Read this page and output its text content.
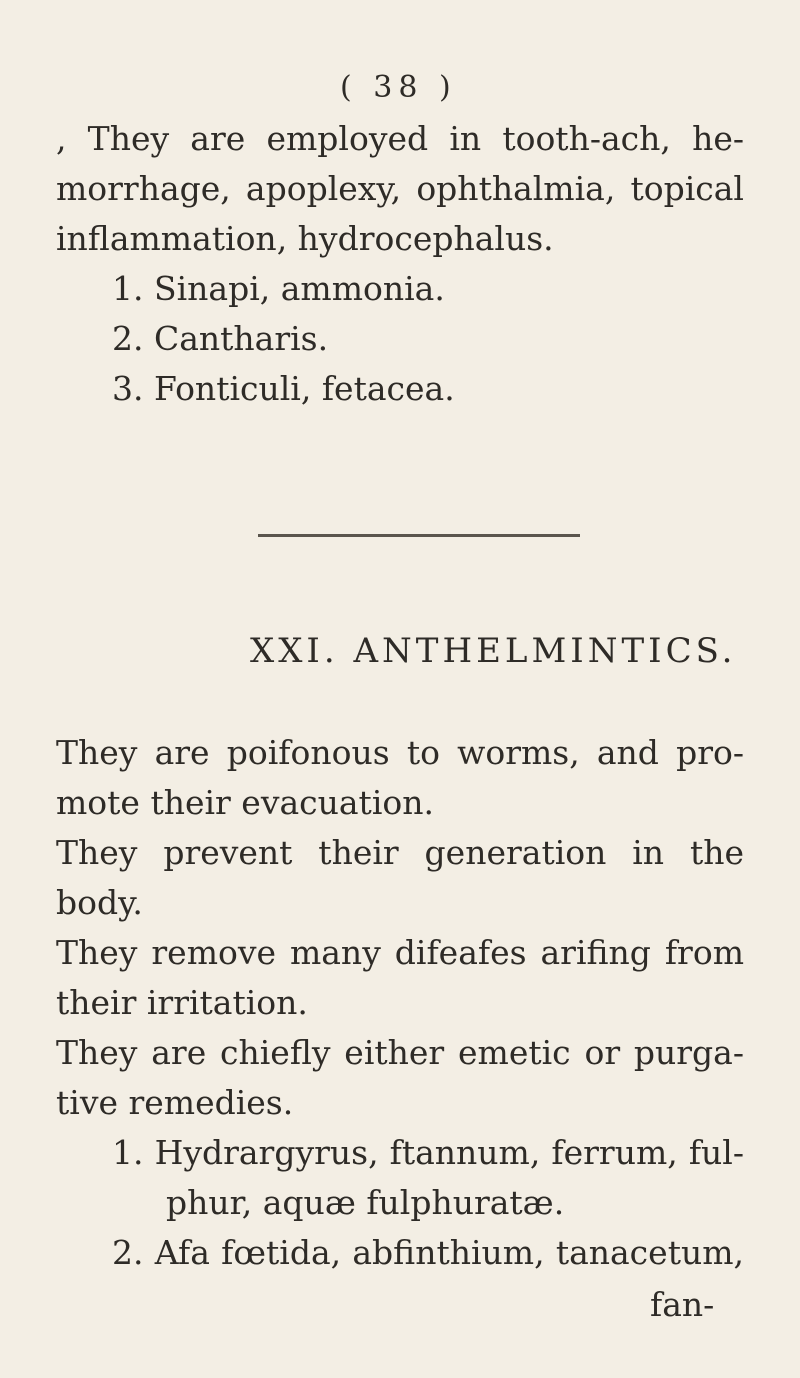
( 38 )
, They are employed in tooth-ach, he-
morrhage, apoplexy, ophthalmia, topical
inflammation, hydrocephalus.
1. Sinapi, ammonia.
2. Cantharis.
3. Fonticuli, fetacea.
XXI. ANTHELMINTICS.
They are poifonous to worms, and pro-
mote their evacuation.
They prevent their generation in the
body.
They remove many difeafes arifing from
their irritation.
They are chiefly either emetic or purga-
tive remedies.
1. Hydrargyrus, ftannum, ferrum, ful-
phur, aquæ fulphuratæ.
2. Afa fœtida, abfinthium, tanacetum,
fan-
